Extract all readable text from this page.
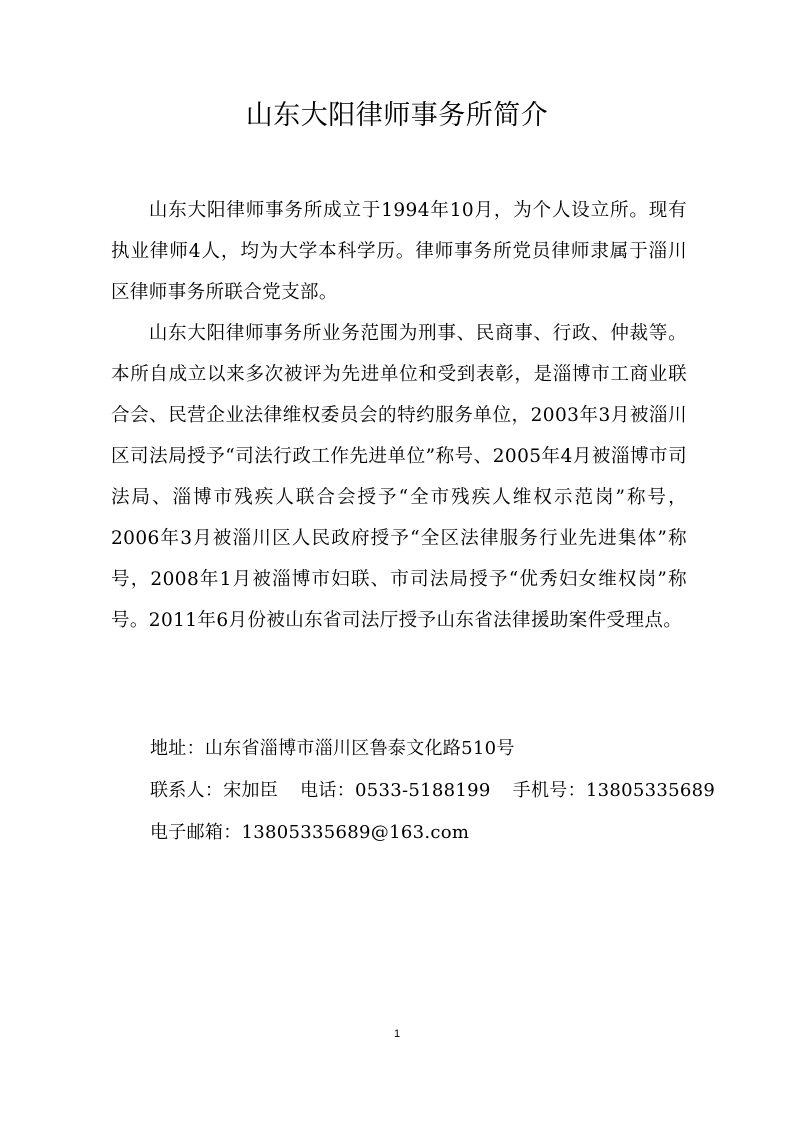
山东大阳律师事务所简介

山东大阳律师事务所成立于1994年10月，为个人设立所。现有执业律师4人，均为大学本科学历。律师事务所党员律师隶属于淄川区律师事务所联合党支部。

山东大阳律师事务所业务范围为刑事、民商事、行政、仲裁等。本所自成立以来多次被评为先进单位和受到表彰，是淄博市工商业联合会、民营企业法律维权委员会的特约服务单位，2003年3月被淄川区司法局授予“司法行政工作先进单位”称号、2005年4月被淄博市司法局、淄博市残疾人联合会授予“全市残疾人维权示范岗”称号，2006年3月被淄川区人民政府授予“全区法律服务行业先进集体”称号，2008年1月被淄博市妇联、市司法局授予“优秀妇女维权岗”称号。2011年6月份被山东省司法厅授予山东省法律援助案件受理点。

地址：山东省淄博市淄川区鲁泰文化路510号
联系人：宋加臣 电话：0533-5188199 手机号：13805335689
电子邮箱：13805335689@163.com
1
